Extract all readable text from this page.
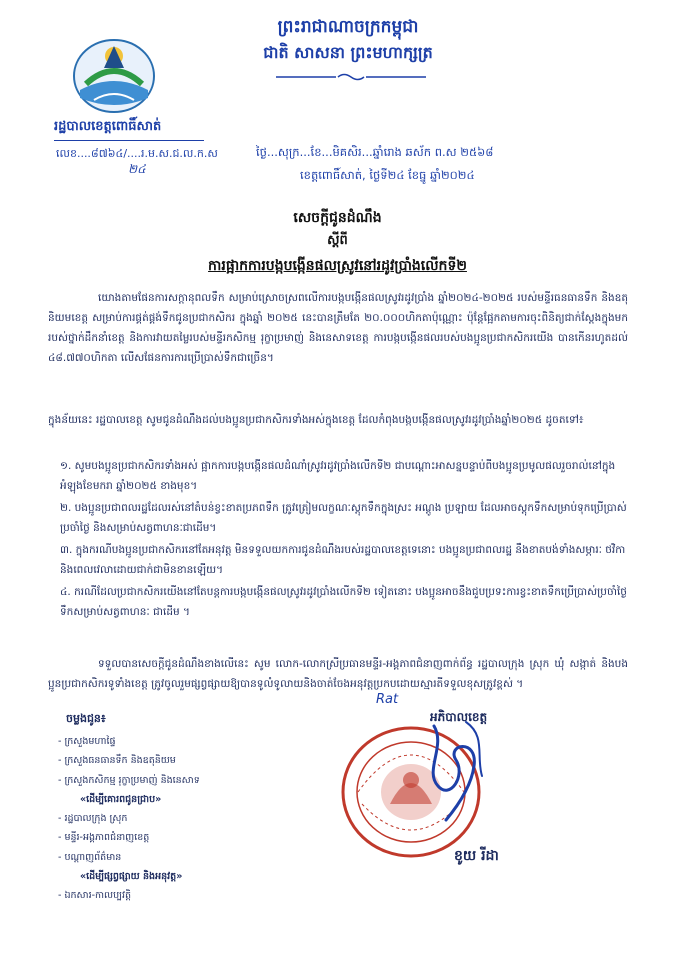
រដ្ឋបាលខេត្តពោធិ៍សាត់
លេខ....៨៧៦៤/....រ.ម.ស.ជ.ល.ក.ស
២៤
ព្រះរាជាណាចក្រកម្ពុជា
ជាតិ សាសនា ព្រះមហាក្សត្រ
ថ្ងៃ...សុក្រ...ខែ...មិគសិរ...ឆ្នាំរោង ឆស័ក ព.ស ២៥៦៨
ខេត្តពោធិ៍សាត់, ថ្ងៃទី២៤ ខែធ្នូ ឆ្នាំ២០២៤
សេចក្តីជូនដំណឹង
ស្តីពី
ការផ្អាកការបង្កបង្កើនផលស្រូវនៅរដូវប្រាំងលើកទី២
យោងតាមផែនការសក្តានុពលទឹក សម្រាប់ស្រោចស្រពលើការបង្កបង្កើនផលស្រូវរដូវប្រាំង ឆ្នាំ២០២៤-២០២៥ របស់មន្ទីរធនធានទឹក និងឧតុនិយមខេត្ត សម្រាប់ការផ្គត់ផ្គង់ទឹកជូនប្រជាកសិករ ក្នុងឆ្នាំ ២០២៥ នេះបានត្រឹមតែ ២០.០០០ហិកតាប៉ុណ្ណោះ ប៉ុន្តែផ្អែកតាមការចុះពិនិត្យជាក់ស្តែងក្នុងមករបស់ថ្នាក់ដឹកនាំខេត្ត និងការវាយតម្លៃរបស់មន្ទីរកសិកម្ម រុក្ខាប្រមាញ់ និងនេសាទខេត្ត ការបង្កបង្កើនផលរបស់បងប្អូនប្រជាកសិករយើង បានកើនរហូតដល់ ៤៨.៧៧០ហិកតា លើសផែនការការប្រើប្រាស់ទឹកជាច្រើន។
ក្នុងន័យនេះ រដ្ឋបាលខេត្ត សូមជូនដំណឹងដល់បងប្អូនប្រជាកសិករទាំងអស់ក្នុងខេត្ត ដែលកំពុងបង្កបង្កើនផលស្រូវរដូវប្រាំងឆ្នាំ២០២៥ ដូចតទៅ៖
១. សូមបងប្អូនប្រជាកសិករទាំងអស់ ផ្អាកការបង្កបង្កើនផលដំណាំស្រូវរដូវប្រាំងលើកទី២ ជាបណ្តោះអាសន្នបន្ទាប់ពីបងប្អូនប្រមូលផលរួចរាល់នៅក្នុងអំឡុងខែមករា ឆ្នាំ២០២៥ ខាងមុខ។
២. បងប្អូនប្រជាពលរដ្ឋដែលរស់នៅតំបន់ខ្វះខាតប្រភពទឹក ត្រូវត្រៀមលក្ខណៈស្តុកទឹកក្នុងស្រះ អណ្តូង ប្រឡាយ ដែលអាចស្តុកទឹកសម្រាប់ទុកប្រើប្រាស់ប្រចាំថ្ងៃ និងសម្រាប់សត្វពាហនៈជាដើម។
៣. ក្នុងករណីបងប្អូនប្រជាកសិករនៅតែអនុវត្ត មិនទទួលយកការជូនដំណឹងរបស់រដ្ឋបាលខេត្តទេនោះ បងប្អូនប្រជាពលរដ្ឋ នឹងខាតបង់ទាំងសម្ភារៈ ថវិកា និងពេលវេលាដោយជាក់ជាមិនខានឡើយ។
៤. ករណីដែលប្រជាកសិករយើងនៅតែបន្តការបង្កបង្កើនផលស្រូវរដូវប្រាំងលើកទី២ ទៀតនោះ បងប្អូនអាចនឹងជួបប្រទះការខ្វះខាតទឹកប្រើប្រាស់ប្រចាំថ្ងៃ ទឹកសម្រាប់សត្វពាហនៈ ជាដើម ។
ទទួលបានសេចក្តីជូនដំណឹងខាងលើនេះ សូម លោក-លោកស្រីប្រធានមន្ទីរ-អង្គភាពជំនាញពាក់ព័ន្ធ រដ្ឋបាលក្រុង ស្រុក ឃុំ សង្កាត់ និងបងប្អូនប្រជាកសិករទូទាំងខេត្ត ត្រូវចូលរួមផ្សព្វផ្សាយឱ្យបានទូលំទូលាយនិងចាត់ចែងអនុវត្តប្រកបដោយស្មារតីទទួលខុសត្រូវខ្ពស់ ។
ចម្លងជូន៖
- ក្រសួងមហាផ្ទៃ
- ក្រសួងធនធានទឹក និងឧតុនិយម
- ក្រសួងកសិកម្ម រុក្ខាប្រមាញ់ និងនេសាទ
«ដើម្បីគោរពជូនជ្រាប»
- រដ្ឋបាលក្រុង ស្រុក
- មន្ទីរ-អង្គភាពជំនាញខេត្ត
- បណ្តាញព័ត៌មាន
«ដើម្បីផ្សព្វផ្សាយ និងអនុវត្ត»
- ឯកសារ-កាលប្បវត្តិ
Rat
អភិបាលខេត្ត
ខូយ រីដា
